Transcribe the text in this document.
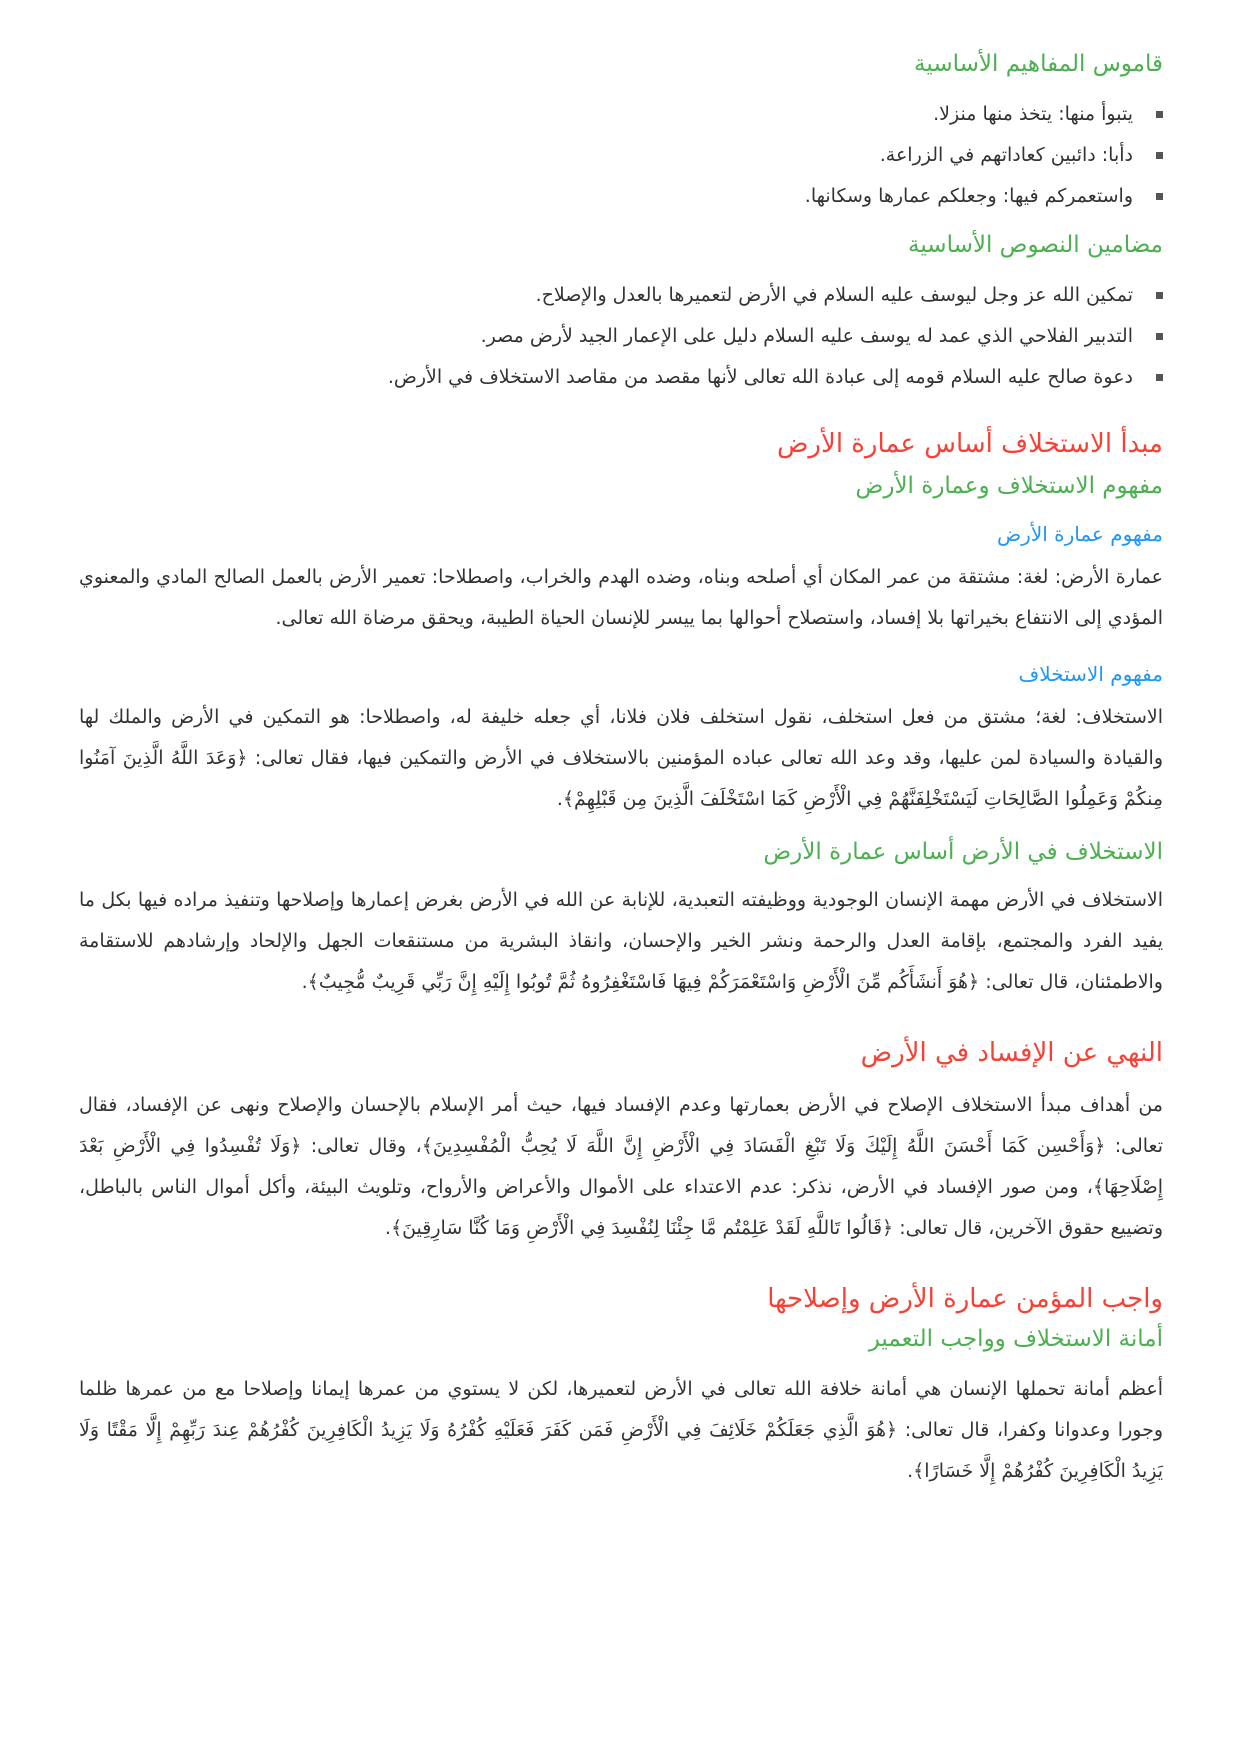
قاموس المفاهيم الأساسية
يتبوأ منها: يتخذ منها منزلا.
دأبا: دائبين كعاداتهم في الزراعة.
واستعمركم فيها: وجعلكم عمارها وسكانها.
مضامين النصوص الأساسية
تمكين الله عز وجل ليوسف عليه السلام في الأرض لتعميرها بالعدل والإصلاح.
التدبير الفلاحي الذي عمد له يوسف عليه السلام دليل على الإعمار الجيد لأرض مصر.
دعوة صالح عليه السلام قومه إلى عبادة الله تعالى لأنها مقصد من مقاصد الاستخلاف في الأرض.
مبدأ الاستخلاف أساس عمارة الأرض
مفهوم الاستخلاف وعمارة الأرض
مفهوم عمارة الأرض

عمارة الأرض: لغة: مشتقة من عمر المكان أي أصلحه وبناه، وضده الهدم والخراب، واصطلاحا: تعمير الأرض بالعمل الصالح المادي والمعنوي المؤدي إلى الانتفاع بخيراتها بلا إفساد، واستصلاح أحوالها بما ييسر للإنسان الحياة الطيبة، ويحقق مرضاة الله تعالى.

مفهوم الاستخلاف

الاستخلاف: لغة؛ مشتق من فعل استخلف، نقول استخلف فلان فلانا، أي جعله خليفة له، واصطلاحا: هو التمكين في الأرض والملك لها والقيادة والسيادة لمن عليها، وقد وعد الله تعالى عباده المؤمنين بالاستخلاف في الأرض والتمكين فيها، فقال تعالى: ﴿وَعَدَ اللَّهُ الَّذِينَ آمَنُوا مِنكُمْ وَعَمِلُوا الصَّالِحَاتِ لَيَسْتَخْلِفَنَّهُمْ فِي الْأَرْضِ كَمَا اسْتَخْلَفَ الَّذِينَ مِن قَبْلِهِمْ﴾.

الاستخلاف في الأرض أساس عمارة الأرض

الاستخلاف في الأرض مهمة الإنسان الوجودية ووظيفته التعبدية، للإنابة عن الله في الأرض بغرض إعمارها وإصلاحها وتنفيذ مراده فيها بكل ما يفيد الفرد والمجتمع، بإقامة العدل والرحمة ونشر الخير والإحسان، وانقاذ البشرية من مستنقعات الجهل والإلحاد وإرشادهم للاستقامة والاطمئنان، قال تعالى: ﴿هُوَ أَنشَأَكُم مِّنَ الْأَرْضِ وَاسْتَعْمَرَكُمْ فِيهَا فَاسْتَغْفِرُوهُ ثُمَّ تُوبُوا إِلَيْهِ إِنَّ رَبِّي قَرِيبٌ مُّجِيبٌ﴾.

النهي عن الإفساد في الأرض

من أهداف مبدأ الاستخلاف الإصلاح في الأرض بعمارتها وعدم الإفساد فيها، حيث أمر الإسلام بالإحسان والإصلاح ونهى عن الإفساد، فقال تعالى: ﴿وَأَحْسِن كَمَا أَحْسَنَ اللَّهُ إِلَيْكَ وَلَا تَبْغِ الْفَسَادَ فِي الْأَرْضِ إِنَّ اللَّهَ لَا يُحِبُّ الْمُفْسِدِينَ﴾، وقال تعالى: ﴿وَلَا تُفْسِدُوا فِي الْأَرْضِ بَعْدَ إِصْلَاحِهَا﴾، ومن صور الإفساد في الأرض، نذكر: عدم الاعتداء على الأموال والأعراض والأرواح، وتلويث البيئة، وأكل أموال الناس بالباطل، وتضييع حقوق الآخرين، قال تعالى: ﴿قَالُوا تَاللَّهِ لَقَدْ عَلِمْتُم مَّا جِئْنَا لِنُفْسِدَ فِي الْأَرْضِ وَمَا كُنَّا سَارِقِينَ﴾.

واجب المؤمن عمارة الأرض وإصلاحها
أمانة الاستخلاف وواجب التعمير

أعظم أمانة تحملها الإنسان هي أمانة خلافة الله تعالى في الأرض لتعميرها، لكن لا يستوي من عمرها إيمانا وإصلاحا مع من عمرها ظلما وجورا وعدوانا وكفرا، قال تعالى: ﴿هُوَ الَّذِي جَعَلَكُمْ خَلَائِفَ فِي الْأَرْضِ فَمَن كَفَرَ فَعَلَيْهِ كُفْرُهُ وَلَا يَزِيدُ الْكَافِرِينَ كُفْرُهُمْ عِندَ رَبِّهِمْ إِلَّا مَقْتًا وَلَا يَزِيدُ الْكَافِرِينَ كُفْرُهُمْ إِلَّا خَسَارًا﴾.
